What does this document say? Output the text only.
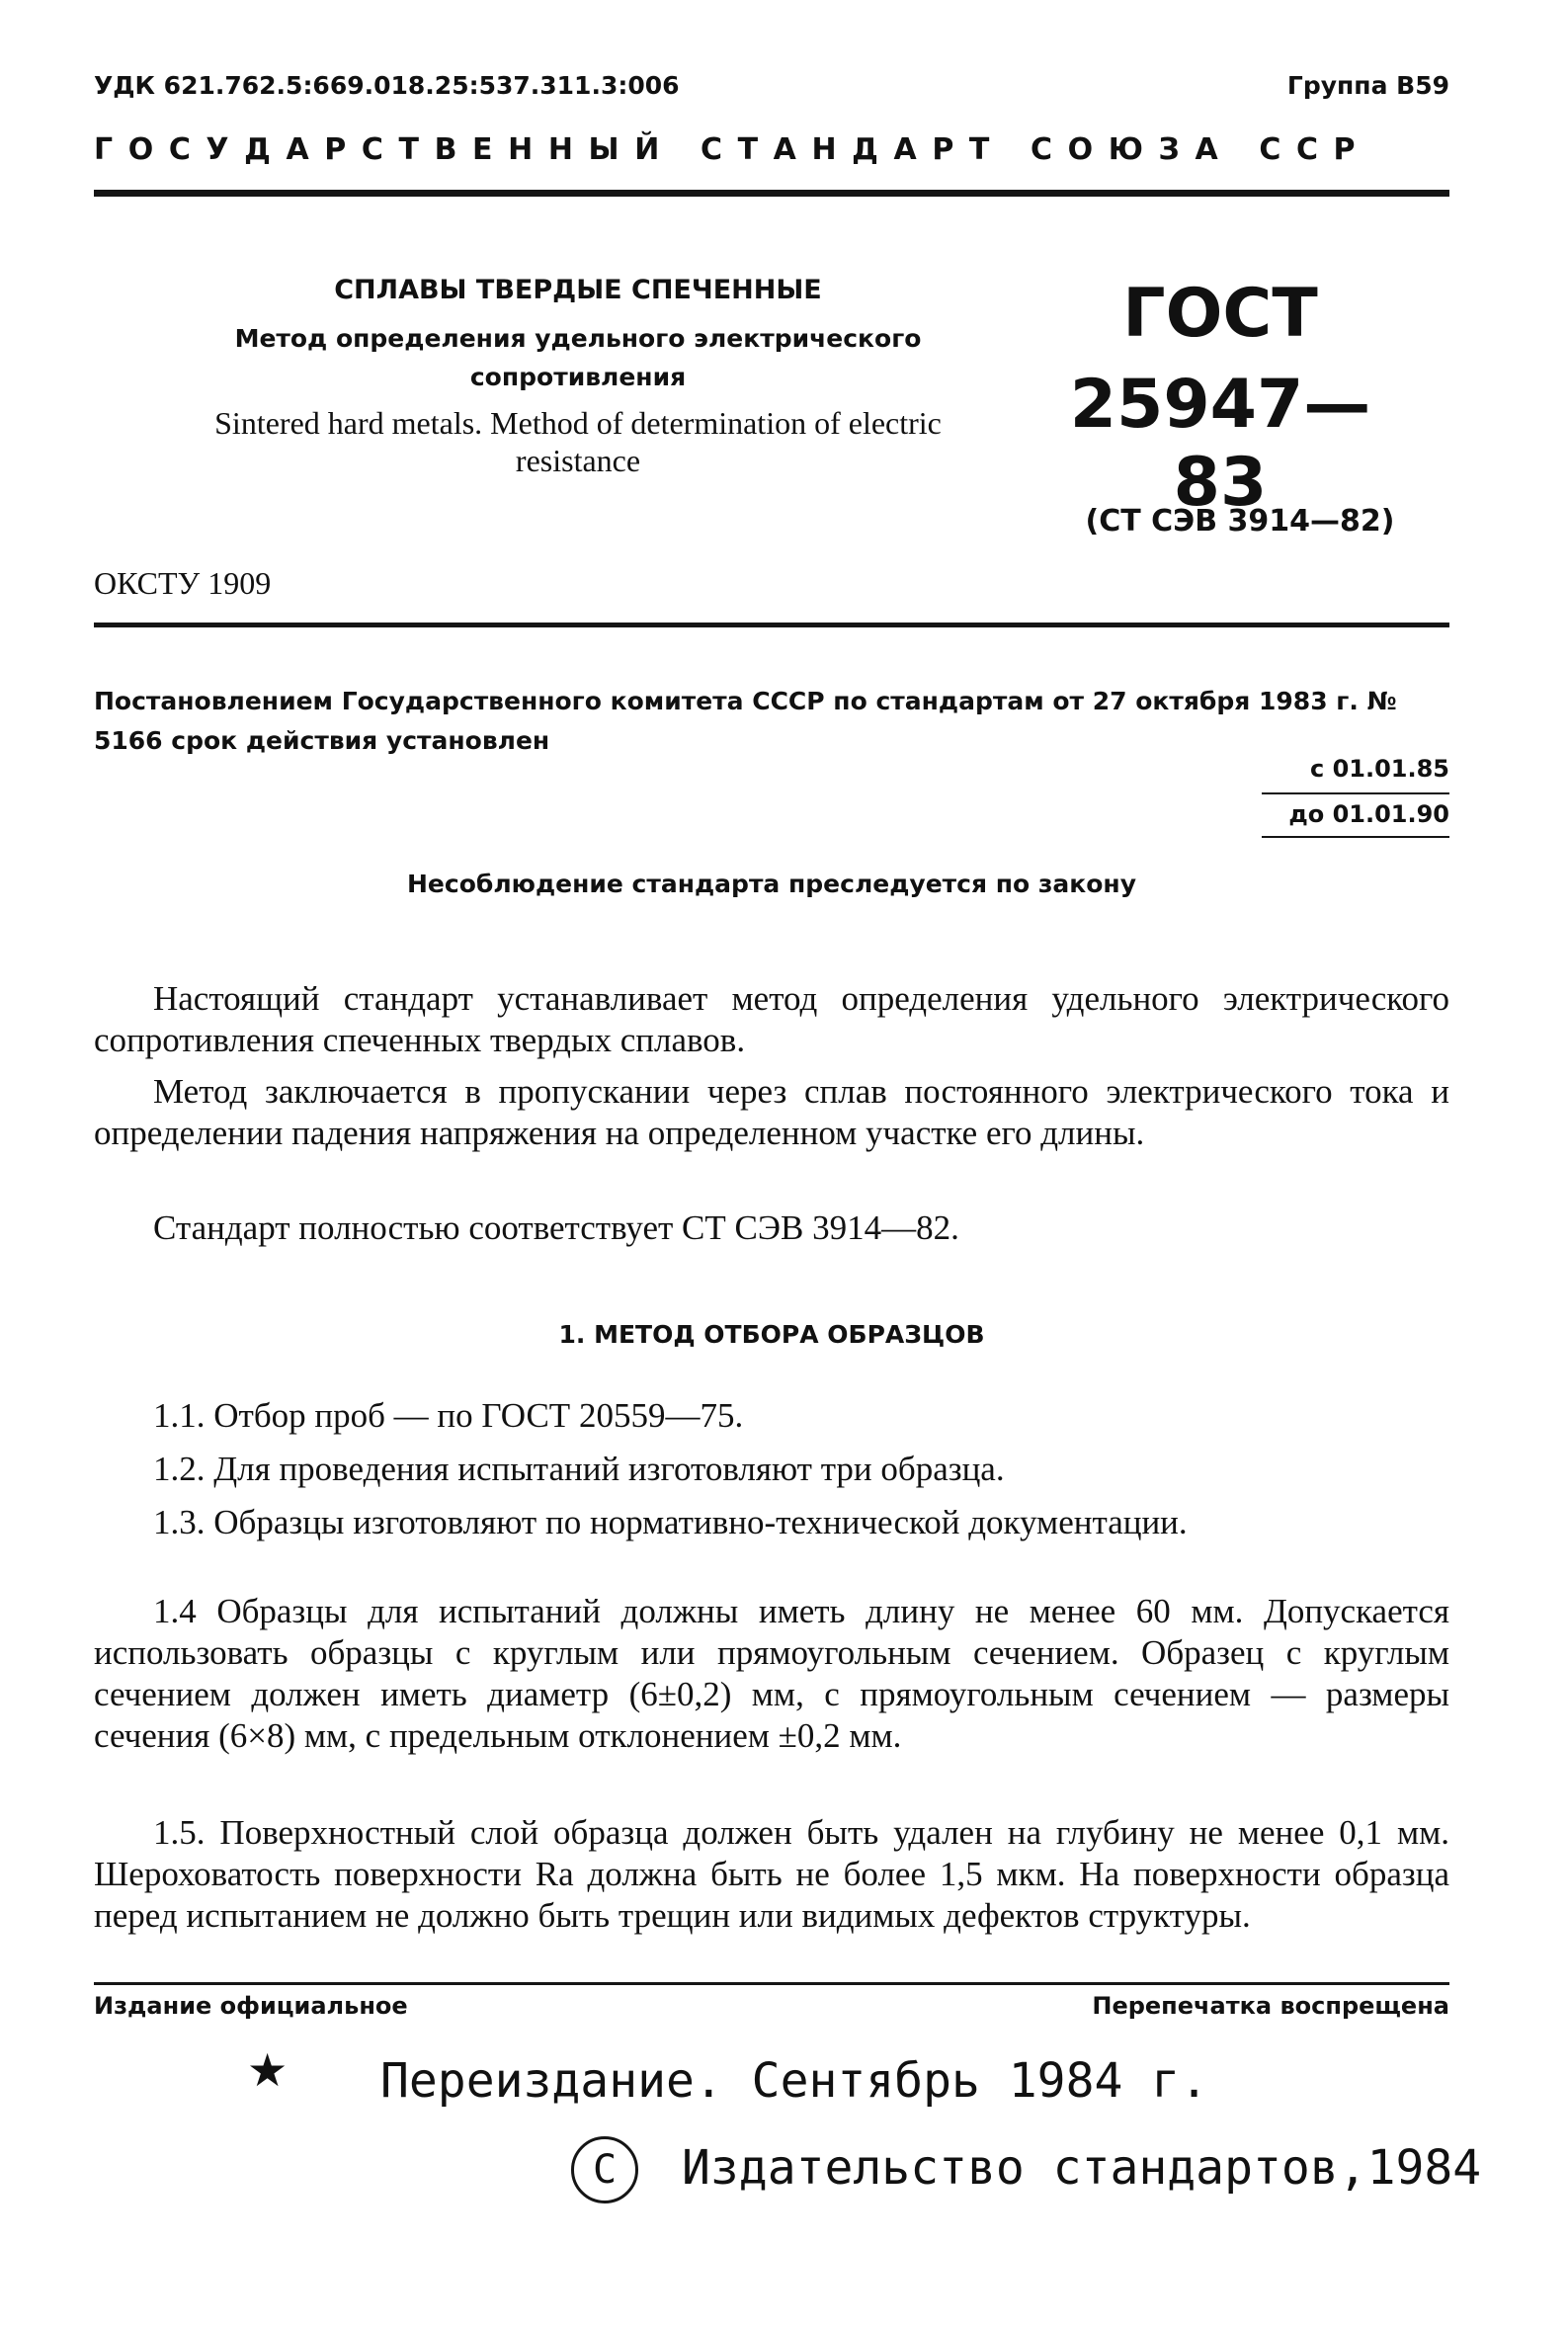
УДК 621.762.5:669.018.25:537.311.3:006	Группа В59
ГОСУДАРСТВЕННЫЙ СТАНДАРТ СОЮЗА ССР
СПЛАВЫ ТВЕРДЫЕ СПЕЧЕННЫЕ
Метод определения удельного электрического сопротивления
Sintered hard metals. Method of determination of electric resistance
ГОСТ
25947—83
(СТ СЭВ 3914—82)
ОКСТУ 1909
Постановлением Государственного комитета СССР по стандартам от 27 октября 1983 г. № 5166 срок действия установлен
с 01.01.85
до 01.01.90
Несоблюдение стандарта преследуется по закону

Настоящий стандарт устанавливает метод определения удельного электрического сопротивления спеченных твердых сплавов.

Метод заключается в пропускании через сплав постоянного электрического тока и определении падения напряжения на определенном участке его длины.

Стандарт полностью соответствует СТ СЭВ 3914—82.

1. МЕТОД ОТБОРА ОБРАЗЦОВ

1.1. Отбор проб — по ГОСТ 20559—75.

1.2. Для проведения испытаний изготовляют три образца.

1.3. Образцы изготовляют по нормативно-технической документации.

1.4 Образцы для испытаний должны иметь длину не менее 60 мм. Допускается использовать образцы с круглым или прямоугольным сечением. Образец с круглым сечением должен иметь диаметр (6±0,2) мм, с прямоугольным сечением — размеры сечения (6×8) мм, с предельным отклонением ±0,2 мм.

1.5. Поверхностный слой образца должен быть удален на глубину не менее 0,1 мм. Шероховатость поверхности Ra должна быть не более 1,5 мкм. На поверхности образца перед испытанием не должно быть трещин или видимых дефектов структуры.

Издание официальное	Перепечатка воспрещена
★ Переиздание. Сентябрь 1984 г.
С	Издательство стандартов,1984
